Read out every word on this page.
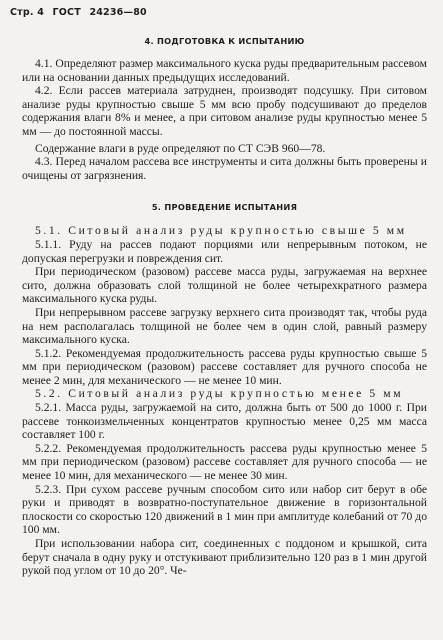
Стр. 4 ГОСТ 24236—80
4. ПОДГОТОВКА К ИСПЫТАНИЮ

4.1. Определяют размер максимального куска руды предварительным рассевом или на основании данных предыдущих исследований.

4.2. Если рассев материала затруднен, производят подсушку. При ситовом анализе руды крупностью свыше 5 мм всю пробу подсушивают до пределов содержания влаги 8% и менее, а при ситовом анализе руды крупностью менее 5 мм — до постоянной массы.

Содержание влаги в руде определяют по СТ СЭВ 960—78.

4.3. Перед началом рассева все инструменты и сита должны быть проверены и очищены от загрязнения.

5. ПРОВЕДЕНИЕ ИСПЫТАНИЯ

5.1. Ситовый анализ руды крупностью свыше 5 мм

5.1.1. Руду на рассев подают порциями или непрерывным потоком, не допуская перегрузки и повреждения сит.

При периодическом (разовом) рассеве масса руды, загружаемая на верхнее сито, должна образовать слой толщиной не более четырехкратного размера максимального куска руды.

При непрерывном рассеве загрузку верхнего сита производят так, чтобы руда на нем располагалась толщиной не более чем в один слой, равный размеру максимального куска.

5.1.2. Рекомендуемая продолжительность рассева руды крупностью свыше 5 мм при периодическом (разовом) рассеве составляет для ручного способа не менее 2 мин, для механического — не менее 10 мин.

5.2. Ситовый анализ руды крупностью менее 5 мм

5.2.1. Масса руды, загружаемой на сито, должна быть от 500 до 1000 г. При рассеве тонкоизмельченных концентратов крупностью менее 0,25 мм масса составляет 100 г.

5.2.2. Рекомендуемая продолжительность рассева руды крупностью менее 5 мм при периодическом (разовом) рассеве составляет для ручного способа — не менее 10 мин, для механического — не менее 30 мин.

5.2.3. При сухом рассеве ручным способом сито или набор сит берут в обе руки и приводят в возвратно-поступательное движение в горизонтальной плоскости со скоростью 120 движений в 1 мин при амплитуде колебаний от 70 до 100 мм.

При использовании набора сит, соединенных с поддоном и крышкой, сита берут сначала в одну руку и отстукивают приблизительно 120 раз в 1 мин другой рукой под углом от 10 до 20°. Че-
